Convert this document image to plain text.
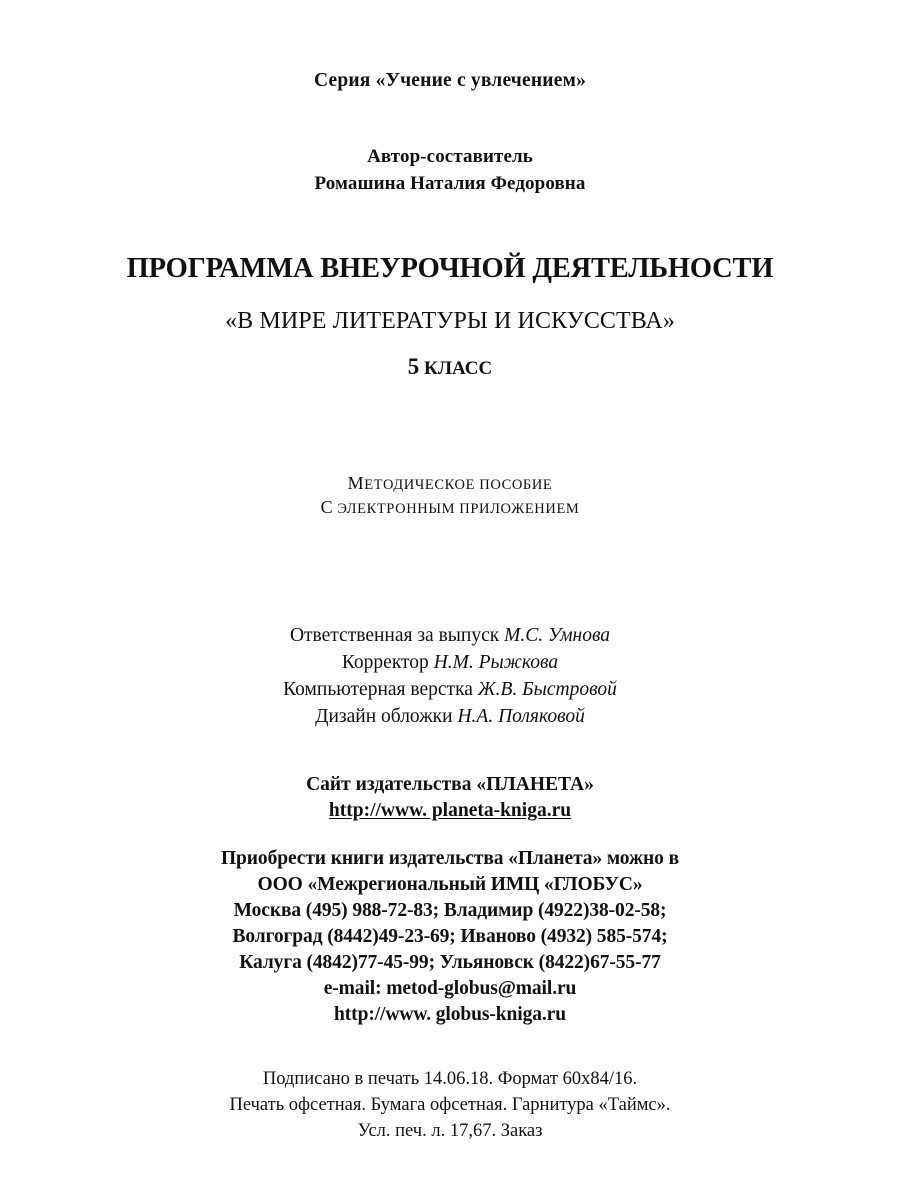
Серия «Учение с увлечением»
Автор-составитель
Ромашина Наталия Федоровна
ПРОГРАММА ВНЕУРОЧНОЙ ДЕЯТЕЛЬНОСТИ
«В МИРЕ ЛИТЕРАТУРЫ И ИСКУССТВА»
5 КЛАСС
МЕТОДИЧЕСКОЕ ПОСОБИЕ
С ЭЛЕКТРОННЫМ ПРИЛОЖЕНИЕМ
Ответственная за выпуск М.С. Умнова
Корректор Н.М. Рыжкова
Компьютерная верстка Ж.В. Быстровой
Дизайн обложки Н.А. Поляковой
Сайт издательства «ПЛАНЕТА»
http://www. planeta-kniga.ru
Приобрести книги издательства «Планета» можно в
ООО «Межрегиональный ИМЦ «ГЛОБУС»
Москва (495) 988-72-83; Владимир (4922)38-02-58;
Волгоград (8442)49-23-69; Иваново (4932) 585-574;
Калуга (4842)77-45-99; Ульяновск (8422)67-55-77
e-mail: metod-globus@mail.ru
http://www. globus-kniga.ru
Подписано в печать 14.06.18. Формат 60x84/16.
Печать офсетная. Бумага офсетная. Гарнитура «Таймс».
Усл. печ. л. 17,67. Заказ
